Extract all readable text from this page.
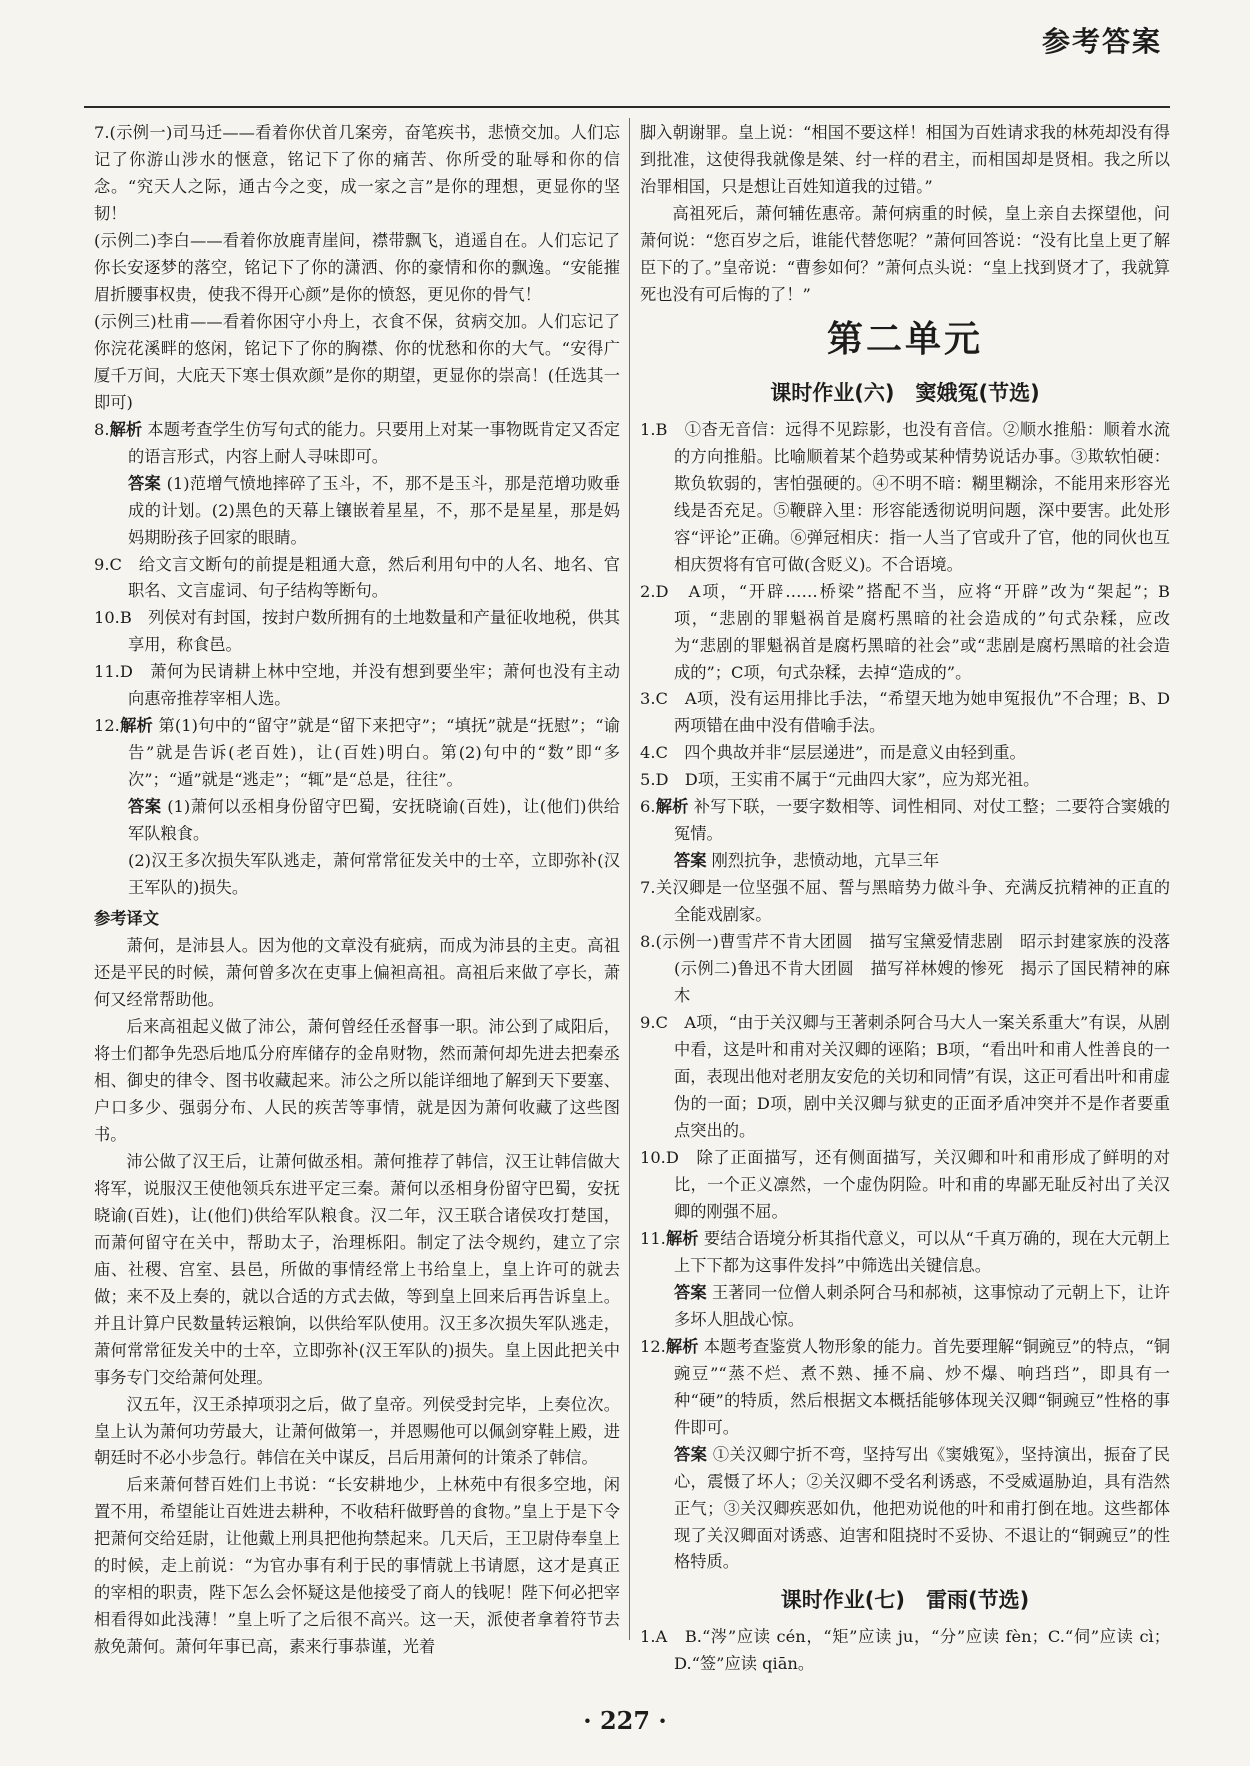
参考答案

7.(示例一)司马迁——看着你伏首几案旁，奋笔疾书，悲愤交加。人们忘记了你游山涉水的惬意，铭记下了你的痛苦、你所受的耻辱和你的信念。“究天人之际，通古今之变，成一家之言”是你的理想，更显你的坚韧！

(示例二)李白——看着你放鹿青崖间，襟带飘飞，逍遥自在。人们忘记了你长安逐梦的落空，铭记下了你的潇洒、你的豪情和你的飘逸。“安能摧眉折腰事权贵，使我不得开心颜”是你的愤怒，更见你的骨气！

(示例三)杜甫——看着你困守小舟上，衣食不保，贫病交加。人们忘记了你浣花溪畔的悠闲，铭记下了你的胸襟、你的忧愁和你的大气。“安得广厦千万间，大庇天下寒士俱欢颜”是你的期望，更显你的崇高！(任选其一即可)

8.解析 本题考查学生仿写句式的能力。只要用上对某一事物既肯定又否定的语言形式，内容上耐人寻味即可。

答案 (1)范增气愤地摔碎了玉斗，不，那不是玉斗，那是范增功败垂成的计划。(2)黑色的天幕上镶嵌着星星，不，那不是星星，那是妈妈期盼孩子回家的眼睛。

9.C　给文言文断句的前提是粗通大意，然后利用句中的人名、地名、官职名、文言虚词、句子结构等断句。

10.B　列侯对有封国，按封户数所拥有的土地数量和产量征收地税，供其享用，称食邑。

11.D　萧何为民请耕上林中空地，并没有想到要坐牢；萧何也没有主动向惠帝推荐宰相人选。

12.解析 第(1)句中的“留守”就是“留下来把守”；“填抚”就是“抚慰”；“谕告”就是告诉(老百姓)，让(百姓)明白。第(2)句中的“数”即“多次”；“遁”就是“逃走”；“辄”是“总是，往往”。

答案 (1)萧何以丞相身份留守巴蜀，安抚晓谕(百姓)，让(他们)供给军队粮食。

(2)汉王多次损失军队逃走，萧何常常征发关中的士卒，立即弥补(汉王军队的)损失。

参考译文

萧何，是沛县人。因为他的文章没有疵病，而成为沛县的主吏。高祖还是平民的时候，萧何曾多次在吏事上偏袒高祖。高祖后来做了亭长，萧何又经常帮助他。

后来高祖起义做了沛公，萧何曾经任丞督事一职。沛公到了咸阳后，将士们都争先恐后地瓜分府库储存的金帛财物，然而萧何却先进去把秦丞相、御史的律令、图书收藏起来。沛公之所以能详细地了解到天下要塞、户口多少、强弱分布、人民的疾苦等事情，就是因为萧何收藏了这些图书。

沛公做了汉王后，让萧何做丞相。萧何推荐了韩信，汉王让韩信做大将军，说服汉王使他领兵东进平定三秦。萧何以丞相身份留守巴蜀，安抚晓谕(百姓)，让(他们)供给军队粮食。汉二年，汉王联合诸侯攻打楚国，而萧何留守在关中，帮助太子，治理栎阳。制定了法令规约，建立了宗庙、社稷、宫室、县邑，所做的事情经常上书给皇上，皇上许可的就去做；来不及上奏的，就以合适的方式去做，等到皇上回来后再告诉皇上。并且计算户民数量转运粮饷，以供给军队使用。汉王多次损失军队逃走，萧何常常征发关中的士卒，立即弥补(汉王军队的)损失。皇上因此把关中事务专门交给萧何处理。

汉五年，汉王杀掉项羽之后，做了皇帝。列侯受封完毕，上奏位次。皇上认为萧何功劳最大，让萧何做第一，并恩赐他可以佩剑穿鞋上殿，进朝廷时不必小步急行。韩信在关中谋反，吕后用萧何的计策杀了韩信。

后来萧何替百姓们上书说：“长安耕地少，上林苑中有很多空地，闲置不用，希望能让百姓进去耕种，不收秸秆做野兽的食物。”皇上于是下令把萧何交给廷尉，让他戴上刑具把他拘禁起来。几天后，王卫尉侍奉皇上的时候，走上前说：“为官办事有利于民的事情就上书请愿，这才是真正的宰相的职责，陛下怎么会怀疑这是他接受了商人的钱呢！陛下何必把宰相看得如此浅薄！”皇上听了之后很不高兴。这一天，派使者拿着符节去赦免萧何。萧何年事已高，素来行事恭谨，光着

脚入朝谢罪。皇上说：“相国不要这样！相国为百姓请求我的林苑却没有得到批准，这使得我就像是桀、纣一样的君主，而相国却是贤相。我之所以治罪相国，只是想让百姓知道我的过错。”

高祖死后，萧何辅佐惠帝。萧何病重的时候，皇上亲自去探望他，问萧何说：“您百岁之后，谁能代替您呢？”萧何回答说：“没有比皇上更了解臣下的了。”皇帝说：“曹参如何？”萧何点头说：“皇上找到贤才了，我就算死也没有可后悔的了！”

第二单元

课时作业(六)　窦娥冤(节选)

1.B　①杳无音信：远得不见踪影，也没有音信。②顺水推船：顺着水流的方向推船。比喻顺着某个趋势或某种情势说话办事。③欺软怕硬：欺负软弱的，害怕强硬的。④不明不暗：糊里糊涂，不能用来形容光线是否充足。⑤鞭辟入里：形容能透彻说明问题，深中要害。此处形容“评论”正确。⑥弹冠相庆：指一人当了官或升了官，他的同伙也互相庆贺将有官可做(含贬义)。不合语境。

2.D　A项，“开辟……桥梁”搭配不当，应将“开辟”改为“架起”；B项，“悲剧的罪魁祸首是腐朽黑暗的社会造成的”句式杂糅，应改为“悲剧的罪魁祸首是腐朽黑暗的社会”或“悲剧是腐朽黑暗的社会造成的”；C项，句式杂糅，去掉“造成的”。

3.C　A项，没有运用排比手法，“希望天地为她申冤报仇”不合理；B、D两项错在曲中没有借喻手法。

4.C　四个典故并非“层层递进”，而是意义由轻到重。

5.D　D项，王实甫不属于“元曲四大家”，应为郑光祖。

6.解析 补写下联，一要字数相等、词性相同、对仗工整；二要符合窦娥的冤情。

答案 刚烈抗争，悲愤动地，亢旱三年

7.关汉卿是一位坚强不屈、誓与黑暗势力做斗争、充满反抗精神的正直的全能戏剧家。

8.(示例一)曹雪芹不肯大团圆　描写宝黛爱情悲剧　昭示封建家族的没落　(示例二)鲁迅不肯大团圆　描写祥林嫂的惨死　揭示了国民精神的麻木

9.C　A项，“由于关汉卿与王著刺杀阿合马大人一案关系重大”有误，从剧中看，这是叶和甫对关汉卿的诬陷；B项，“看出叶和甫人性善良的一面，表现出他对老朋友安危的关切和同情”有误，这正可看出叶和甫虚伪的一面；D项，剧中关汉卿与狱吏的正面矛盾冲突并不是作者要重点突出的。

10.D　除了正面描写，还有侧面描写，关汉卿和叶和甫形成了鲜明的对比，一个正义凛然，一个虚伪阴险。叶和甫的卑鄙无耻反衬出了关汉卿的刚强不屈。

11.解析 要结合语境分析其指代意义，可以从“千真万确的，现在大元朝上上下下都为这事件发抖”中筛选出关键信息。

答案 王著同一位僧人刺杀阿合马和郝祯，这事惊动了元朝上下，让许多坏人胆战心惊。

12.解析 本题考查鉴赏人物形象的能力。首先要理解“铜豌豆”的特点，“铜豌豆”“蒸不烂、煮不熟、捶不扁、炒不爆、响珰珰”，即具有一种“硬”的特质，然后根据文本概括能够体现关汉卿“铜豌豆”性格的事件即可。

答案 ①关汉卿宁折不弯，坚持写出《窦娥冤》，坚持演出，振奋了民心，震慑了坏人；②关汉卿不受名利诱惑，不受威逼胁迫，具有浩然正气；③关汉卿疾恶如仇，他把劝说他的叶和甫打倒在地。这些都体现了关汉卿面对诱惑、迫害和阻挠时不妥协、不退让的“铜豌豆”的性格特质。

课时作业(七)　雷雨(节选)

1.A　B.“涔”应读 cén，“矩”应读 ju，“分”应读 fèn；C.“伺”应读 cì；D.“签”应读 qiān。

· 227 ·
